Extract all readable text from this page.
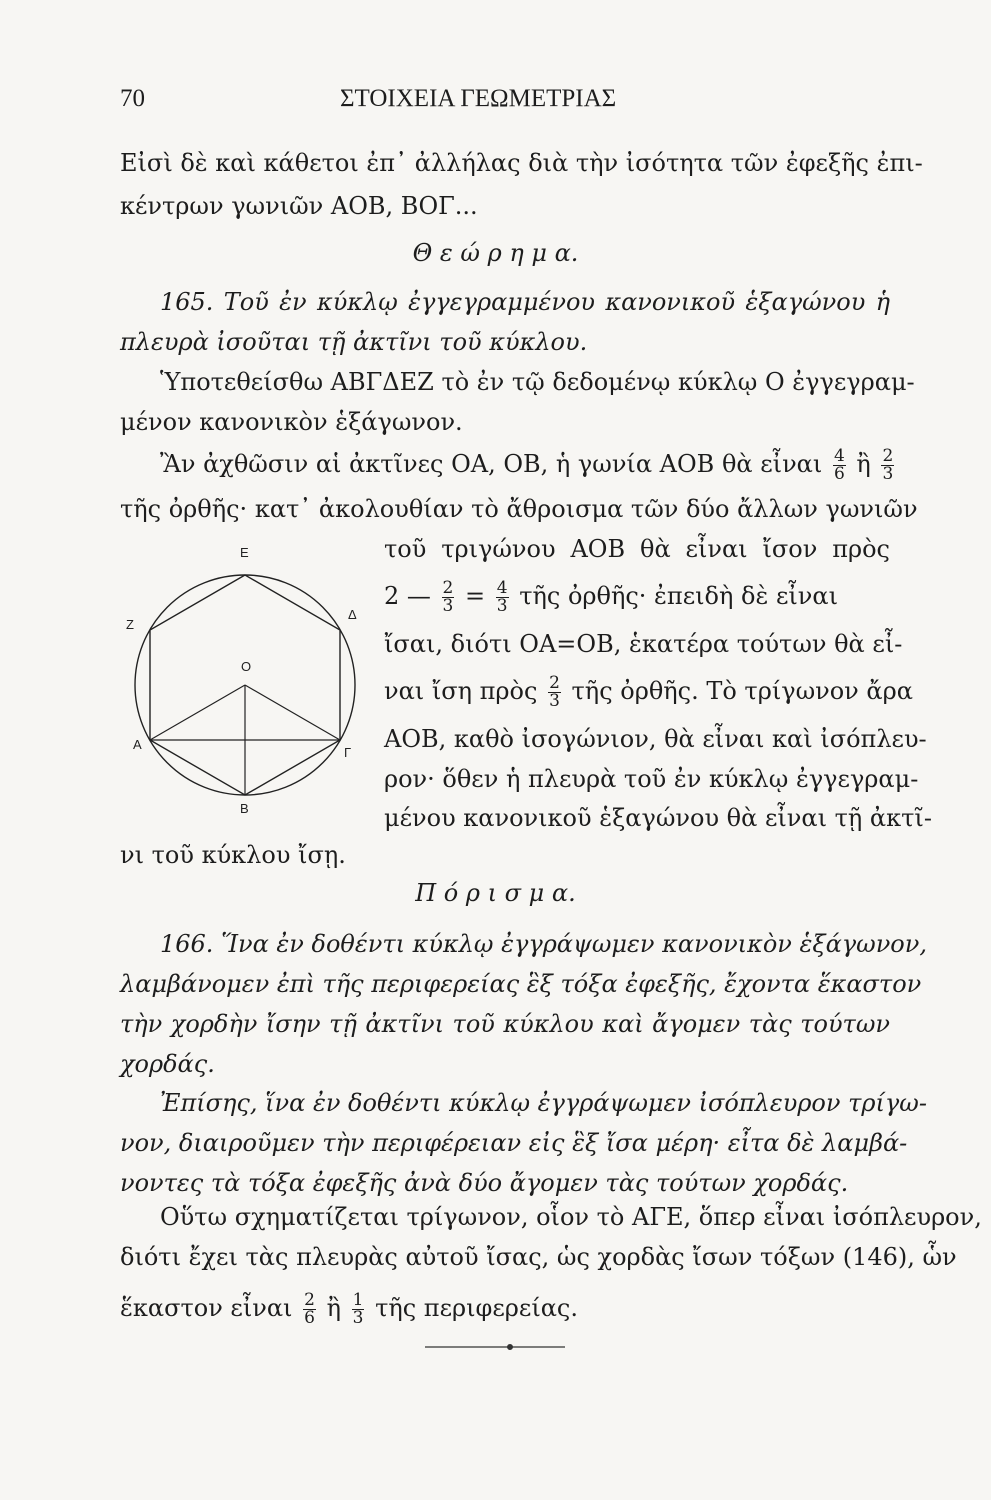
70	ΣΤΟΙΧΕΙΑ ΓΕΩΜΕΤΡΙΑΣ
Εἰσὶ δὲ καὶ κάθετοι ἐπ᾽ ἀλλήλας διὰ τὴν ἰσότητα τῶν ἐφεξῆς ἐπι-
κέντρων γωνιῶν ΑΟΒ, ΒΟΓ...
Θ ε ώ ρ η μ α.
165. Τοῦ ἐν κύκλῳ ἐγγεγραμμένου κανονικοῦ ἑξαγώνου ἡ
πλευρὰ ἰσοῦται τῇ ἀκτῖνι τοῦ κύκλου.
Ὑποτεθείσθω ΑΒΓΔΕΖ τὸ ἐν τῷ δεδομένῳ κύκλῳ Ο ἐγγεγραμ-
μένον κανονικὸν ἑξάγωνον.
Ἂν ἀχθῶσιν αἱ ἀκτῖνες ΟΑ, ΟΒ, ἡ γωνία ΑΟΒ θὰ εἶναι $\frac{4}{6}$ ἢ $\frac{2}{3}$
τῆς ὀρθῆς· κατ᾽ ἀκολουθίαν τὸ ἄθροισμα τῶν δύο ἄλλων γωνιῶν
τοῦ τριγώνου ΑΟΒ θὰ εἶναι ἴσον πρὸς
2 — $\frac{2}{3} = \frac{4}{3}$ τῆς ὀρθῆς· ἐπειδὴ δὲ εἶναι
ἴσαι, διότι ΟΑ=ΟΒ, ἑκατέρα τούτων θὰ εἶ-
ναι ἴση πρὸς $\frac{2}{3}$ τῆς ὀρθῆς. Τὸ τρίγωνον ἄρα
ΑΟΒ, καθὸ ἰσογώνιον, θὰ εἶναι καὶ ἰσόπλευ-
ρον· ὅθεν ἡ πλευρὰ τοῦ ἐν κύκλῳ ἐγγεγραμ-
μένου κανονικοῦ ἑξαγώνου θὰ εἶναι τῇ ἀκτῖ-
νι τοῦ κύκλου ἴσῃ.
E
Z
Δ
O
A
Γ
B
Π ό ρ ι σ μ α.
166. Ἵνα ἐν δοθέντι κύκλῳ ἐγγράψωμεν κανονικὸν ἑξάγωνον,
λαμβάνομεν ἐπὶ τῆς περιφερείας ἓξ τόξα ἐφεξῆς, ἔχοντα ἕκαστον
τὴν χορδὴν ἴσην τῇ ἀκτῖνι τοῦ κύκλου καὶ ἄγομεν τὰς τούτων
χορδάς.
Ἐπίσης, ἵνα ἐν δοθέντι κύκλῳ ἐγγράψωμεν ἰσόπλευρον τρίγω-
νον, διαιροῦμεν τὴν περιφέρειαν εἰς ἓξ ἴσα μέρη· εἶτα δὲ λαμβά-
νοντες τὰ τόξα ἐφεξῆς ἀνὰ δύο ἄγομεν τὰς τούτων χορδάς.
Οὕτω σχηματίζεται τρίγωνον, οἷον τὸ ΑΓΕ, ὅπερ εἶναι ἰσόπλευρον,
διότι ἔχει τὰς πλευρὰς αὐτοῦ ἴσας, ὡς χορδὰς ἴσων τόξων (146), ὧν
ἕκαστον εἶναι $\frac{2}{6}$ ἢ $\frac{1}{3}$ τῆς περιφερείας.
